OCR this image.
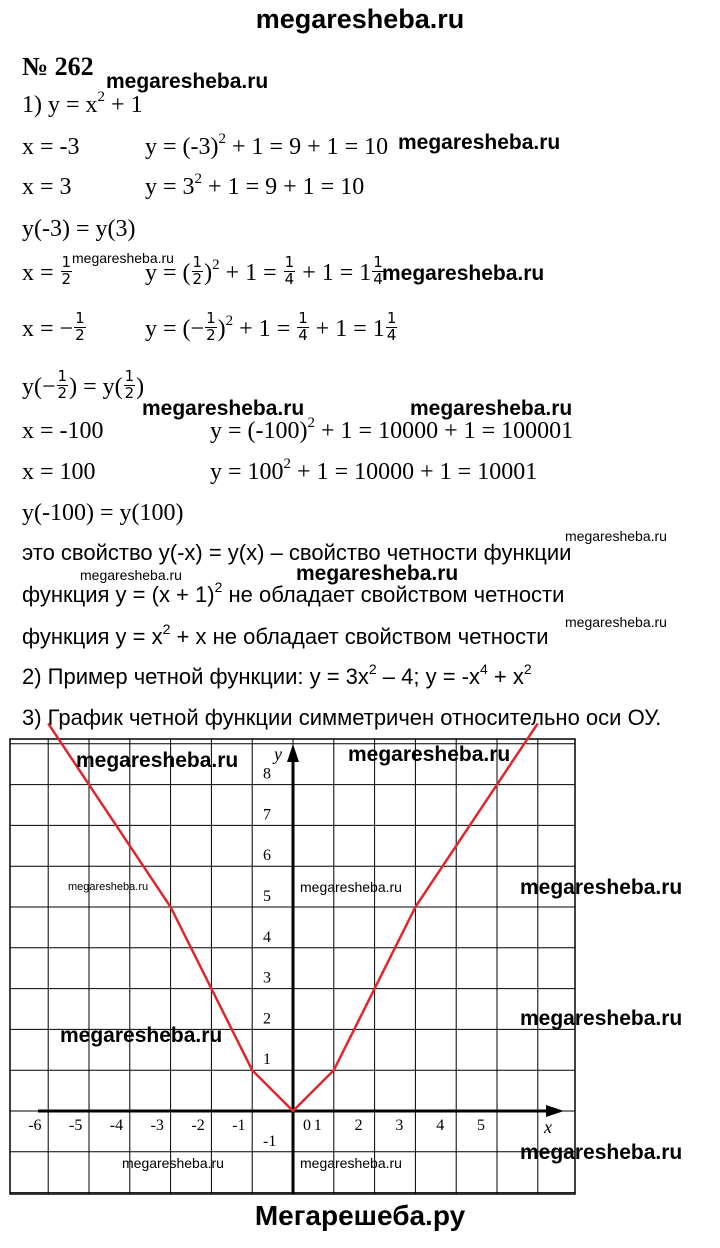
megaresheba.ru
№ 262
megaresheba.ru
1) $y = x^2 + 1$
x = -3	$y = (-3)^2 + 1 = 9 + 1 = 10$ megaresheba.ru
x = 3	$y = 3^2 + 1 = 9 + 1 = 10$
y(-3) = y(3)
megaresheba.ru
$x = \frac{1}{2}$	y = ( $\frac{1}{2} )^2 + 1 = \frac{1}{4} + 1 = 1 \frac{1}{4}$
megaresheba.ru
x = − $\frac{1}{2}$ y = (− $\frac{1}{2} )^2 + 1 = \frac{1}{4} + 1 = 1 \frac{1}{4}$
$y(- \frac{1}{2}$ ) = $y( \frac{1}{2}$ )
megaresheba.ru	megaresheba.ru
x = -100	$y = (-100)^2 + 1 = 10000 + 1 = 100001$
x = 100	$y = 100^2 + 1 = 10000 + 1 = 10001$
y(-100) = y(100)
megaresheba.ru
это свойство y(-x) = y(x) – свойство четности функции
megaresheba.ru	megaresheba.ru
функция $y = (x + 1)^2$ не обладает свойством четности
megaresheba.ru
функция $y = x^2 + x$ не обладает свойством четности
2) Пример четной функции: $y = 3x^2 - 4$; $y = -x^4 + x^2$
3) График четной функции симметричен относительно оси ОУ.
x
y
-6 -5 -4 -3 -2 -1	1 2 3 4 5
0
-1
1
2
3
4
5
6
7
8
megaresheba.ru	megaresheba.ru
megaresheba.ru	megaresheba.ru	megaresheba.ru
megaresheba.ru
megaresheba.ru
megaresheba.ru
megaresheba.ru	megaresheba.ru
Мегарешеба.ру
